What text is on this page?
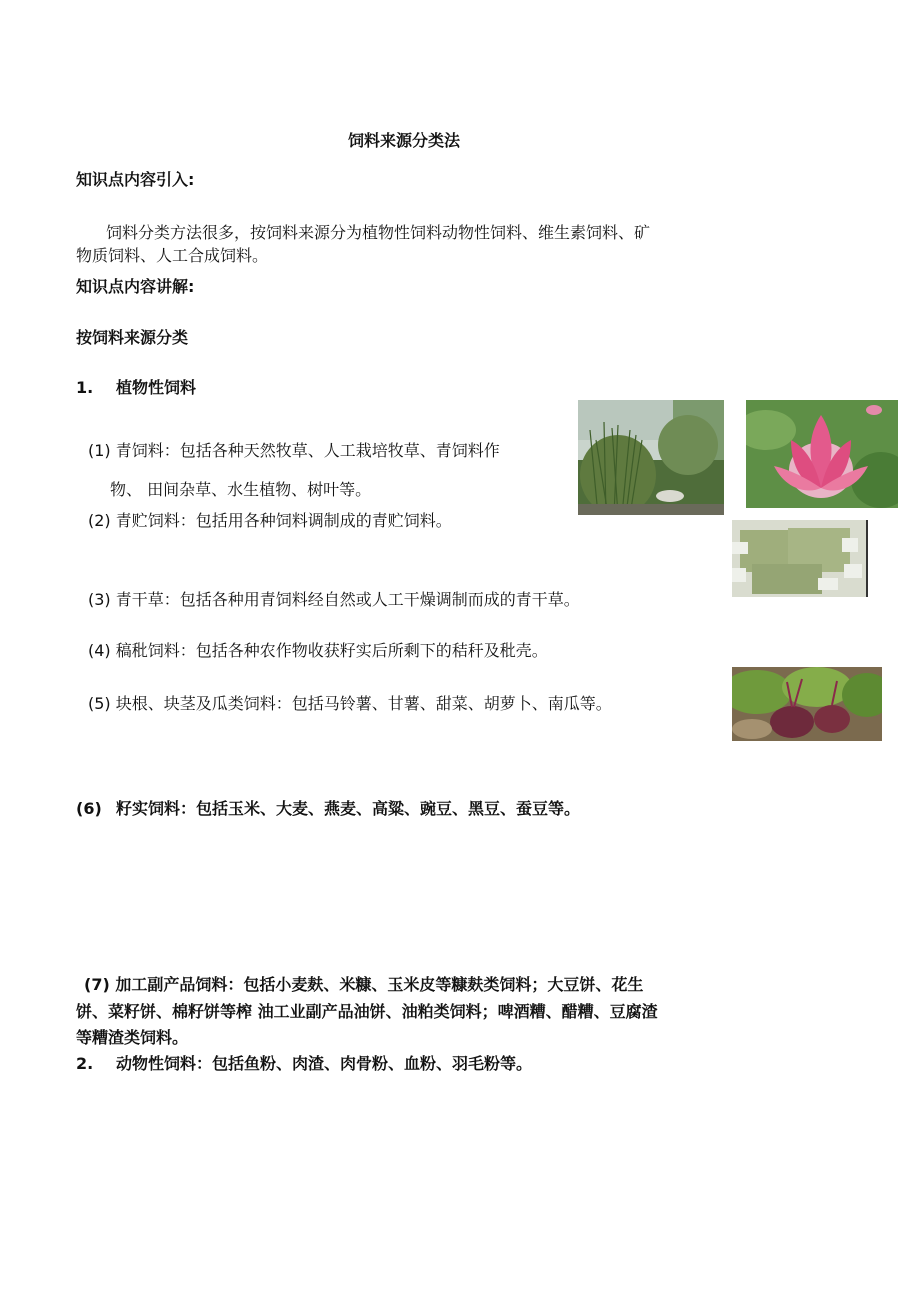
饲料来源分类法
知识点内容引入:
饲料分类方法很多，按饲料来源分为植物性饲料动物性饲料、维生素饲料、矿
物质饲料、人工合成饲料。
知识点内容讲解:
按饲料来源分类
1. 植物性饲料
(1) 青饲料：包括各种天然牧草、人工栽培牧草、青饲料作
物、 田间杂草、水生植物、树叶等。
(2) 青贮饲料：包括用各种饲料调制成的青贮饲料。
(3) 青干草：包括各种用青饲料经自然或人工干燥调制而成的青干草。
(4) 稿秕饲料：包括各种农作物收获籽实后所剩下的秸秆及秕壳。
(5) 块根、块茎及瓜类饲料：包括马铃薯、甘薯、甜菜、胡萝卜、南瓜等。
(6) 籽实饲料：包括玉米、大麦、燕麦、高粱、豌豆、黑豆、蚕豆等。
(7) 加工副产品饲料：包括小麦麸、米糠、玉米皮等糠麸类饲料；大豆饼、花生
饼、菜籽饼、棉籽饼等榨 油工业副产品油饼、油粕类饲料；啤酒糟、醋糟、豆腐渣
等糟渣类饲料。
2. 动物性饲料：包括鱼粉、肉渣、肉骨粉、血粉、羽毛粉等。
